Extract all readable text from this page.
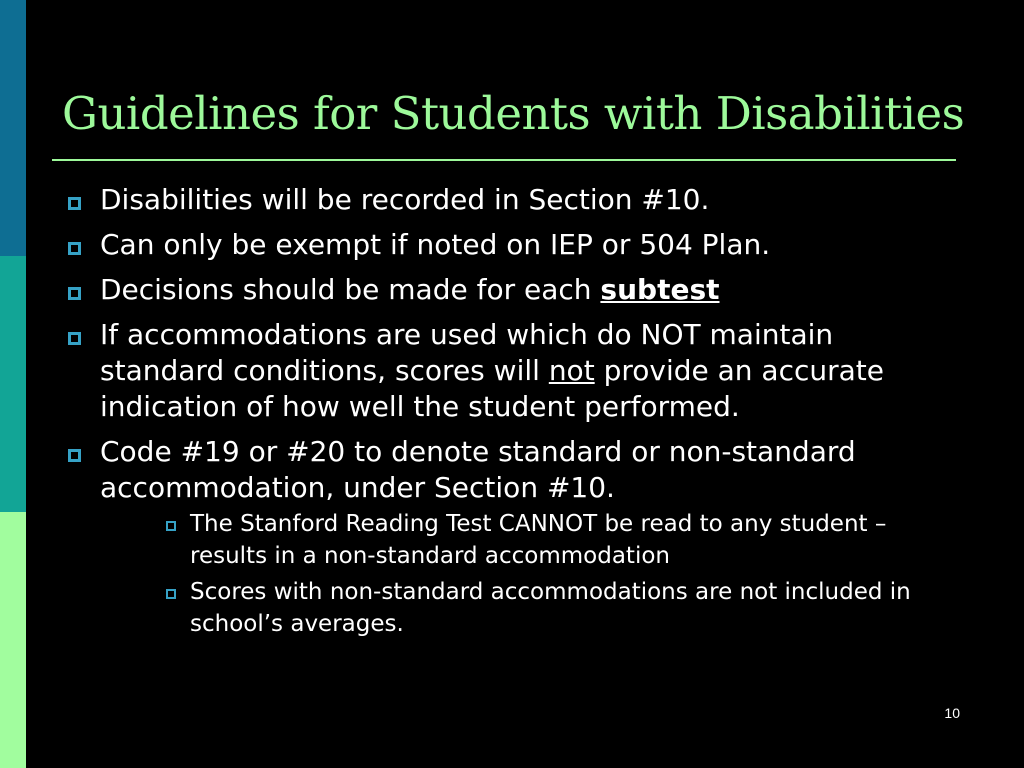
Guidelines for Students with Disabilities
Disabilities will be recorded in Section #10.
Can only be exempt if noted on IEP or 504 Plan.
Decisions should be made for each subtest
If accommodations are used which do NOT maintain standard conditions, scores will not provide an accurate indication of how well the student performed.
Code #19 or #20 to denote standard or non-standard accommodation, under Section #10.
The Stanford Reading Test CANNOT be read to any student – results in a non-standard accommodation
Scores with non-standard accommodations are not included in school’s averages.
10
